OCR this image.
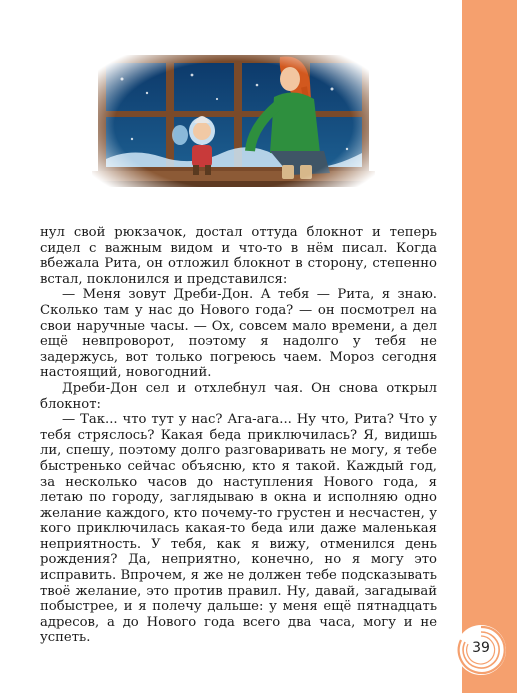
нул свой рюкзачок, достал оттуда блокнот и теперь сидел с важным видом и что-то в нём писал. Когда вбежала Рита, он отложил блокнот в сторону, степенно встал, поклонился и представился:

— Меня зовут Дреби-Дон. А тебя — Рита, я знаю. Сколько там у нас до Нового года? — он посмотрел на свои наручные часы. — Ох, совсем мало времени, а дел ещё невпроворот, поэтому я надолго у тебя не задержусь, вот только погреюсь чаем. Мороз сегодня настоящий, новогодний.

Дреби-Дон сел и отхлебнул чая. Он снова открыл блокнот:

— Так... что тут у нас? Ага-ага... Ну что, Рита? Что у тебя стряслось? Какая беда приключилась? Я, видишь ли, спешу, поэтому долго разговаривать не могу, я тебе быстренько сейчас объясню, кто я такой. Каждый год, за несколько часов до наступления Нового года, я летаю по городу, заглядываю в окна и исполняю одно желание каждого, кто почему-то грустен и несчастен, у кого приключилась какая-то беда или даже маленькая неприятность. У тебя, как я вижу, отменился день рождения? Да, неприятно, конечно, но я могу это исправить. Впрочем, я же не должен тебе подсказывать твоё желание, это против правил. Ну, давай, загадывай побыстрее, и я полечу дальше: у меня ещё пятнадцать адресов, а до Нового года всего два часа, могу и не успеть.

39
